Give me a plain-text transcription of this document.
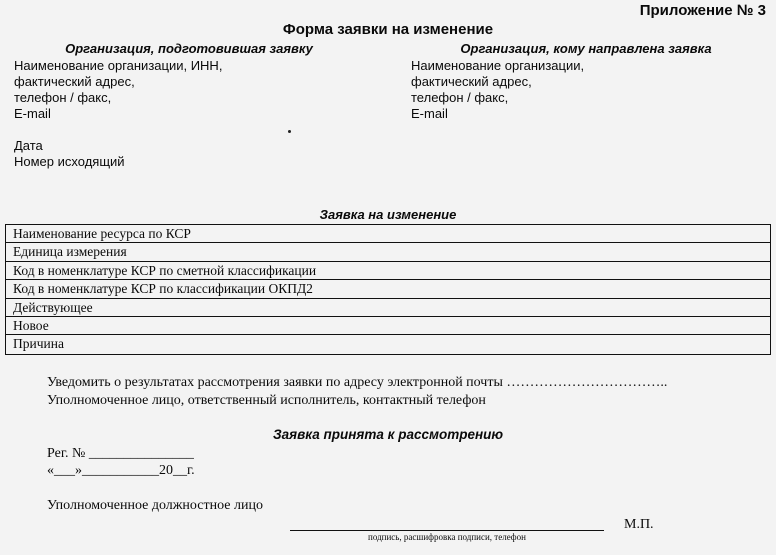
Приложение № 3
Форма заявки на изменение
Организация, подготовившая заявку	Организация, кому направлена заявка
Наименование организации, ИНН,
фактический адрес,
телефон / факс,
E-mail
Наименование организации,
фактический адрес,
телефон / факс,
E-mail
Дата
Номер исходящий
Заявка на изменение
Наименование ресурса по КСР
Единица измерения
Код в номенклатуре КСР по сметной классификации
Код в номенклатуре КСР по классификации ОКПД2
Действующее
Новое
Причина
Уведомить о результатах рассмотрения заявки по адресу электронной почты ……………………………..
Уполномоченное лицо, ответственный исполнитель, контактный телефон
Заявка принята к рассмотрению
Рег. № _______________
«___»___________20__г.
Уполномоченное должностное лицо
М.П.
подпись, расшифровка подписи, телефон
